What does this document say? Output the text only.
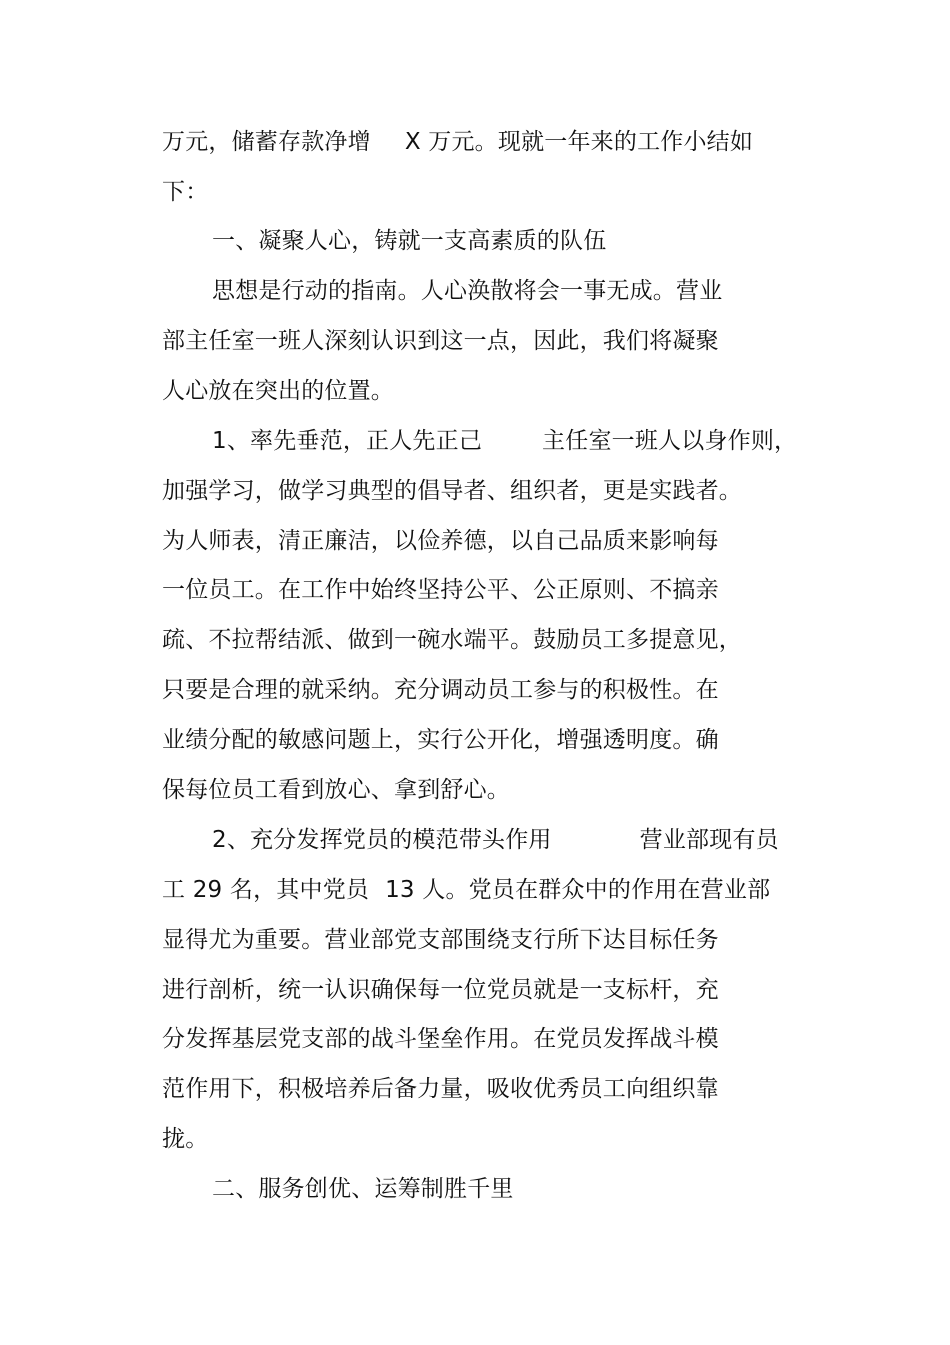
万元，储蓄存款净增 X 万元。现就一年来的工作小结如
下：
一、凝聚人心，铸就一支高素质的队伍
思想是行动的指南。人心涣散将会一事无成。营业
部主任室一班人深刻认识到这一点，因此，我们将凝聚
人心放在突出的位置。
1、率先垂范，正人先正己	主任室一班人以身作则，
加强学习，做学习典型的倡导者、组织者，更是实践者。
为人师表，清正廉洁，以俭养德，以自己品质来影响每
一位员工。在工作中始终坚持公平、公正原则、不搞亲
疏、不拉帮结派、做到一碗水端平。鼓励员工多提意见，
只要是合理的就采纳。充分调动员工参与的积极性。在
业绩分配的敏感问题上，实行公开化，增强透明度。确
保每位员工看到放心、拿到舒心。
2、充分发挥党员的模范带头作用	营业部现有员
工 29 名，其中党员 13 人。党员在群众中的作用在营业部
显得尤为重要。营业部党支部围绕支行所下达目标任务
进行剖析，统一认识确保每一位党员就是一支标杆，充
分发挥基层党支部的战斗堡垒作用。在党员发挥战斗模
范作用下，积极培养后备力量，吸收优秀员工向组织靠
拢。
二、服务创优、运筹制胜千里
